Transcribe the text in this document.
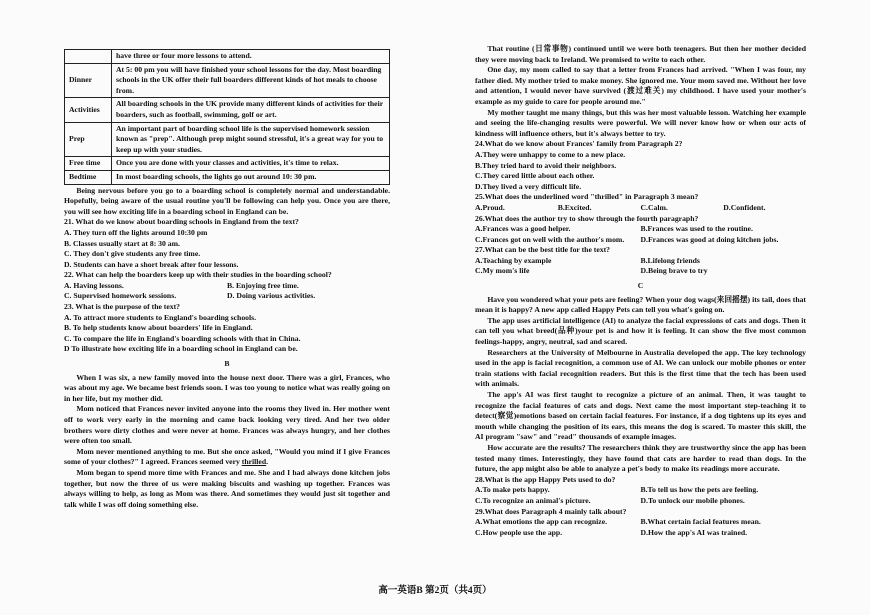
	have three or four more lessons to attend.
Dinner	At 5: 00 pm you will have finished your school lessons for the day. Most boarding schools in the UK offer their full boarders different kinds of hot meals to choose from.
Activities	All boarding schools in the UK provide many different kinds of activities for their boarders, such as football, swimming, golf or art.
Prep	An important part of boarding school life is the supervised homework session known as "prep". Although prep might sound stressful, it's a great way for you to keep up with your studies.
Free time	Once you are done with your classes and activities, it's time to relax.
Bedtime	In most boarding schools, the lights go out around 10: 30 pm.

Being nervous before you go to a boarding school is completely normal and understandable. Hopefully, being aware of the usual routine you'll be following can help you. Once you are there, you will see how exciting life in a boarding school in England can be.

21. What do we know about boarding schools in England from the text?

A. They turn off the lights around 10:30 pm

B. Classes usually start at 8: 30 am.

C. They don't give students any free time.

D. Students can have a short break after four lessons.

22. What can help the boarders keep up with their studies in the boarding school?

A. Having lessons.	B. Enjoying free time.
C. Supervised homework sessions.	D. Doing various activities.

23. What is the purpose of the text?

A. To attract more students to England's boarding schools.

B. To help students know about boarders' life in England.

C. To compare the life in England's boarding schools with that in China.

D To illustrate how exciting life in a boarding school in England can be.

B

When I was six, a new family moved into the house next door. There was a girl, Frances, who was about my age. We became best friends soon. I was too young to notice what was really going on in her life, but my mother did.

Mom noticed that Frances never invited anyone into the rooms they lived in. Her mother went off to work very early in the morning and came back looking very tired. And her two older brothers wore dirty clothes and were never at home. Frances was always hungry, and her clothes were often too small.

Mom never mentioned anything to me. But she once asked, "Would you mind if I give Frances some of your clothes?" I agreed. Frances seemed very thrilled.

Mom began to spend more time with Frances and me. She and I had always done kitchen jobs together, but now the three of us were making biscuits and washing up together. Frances was always willing to help, as long as Mom was there. And sometimes they would just sit together and talk while I was off doing something else.

That routine (日常事物) continued until we were both teenagers. But then her mother decided they were moving back to Ireland. We promised to write to each other.

One day, my mom called to say that a letter from Frances had arrived. "When I was four, my father died. My mother tried to make money. She ignored me. Your mom saved me. Without her love and attention, I would never have survived (渡过难关) my childhood. I have used your mother's example as my guide to care for people around me."

My mother taught me many things, but this was her most valuable lesson. Watching her example and seeing the life-changing results were powerful. We will never know how or when our acts of kindness will influence others, but it's always better to try.

24.What do we know about Frances' family from Paragraph 2?

A.They were unhappy to come to a new place.

B.They tried hard to avoid their neighbors.

C.They cared little about each other.

D.They lived a very difficult life.

25.What does the underlined word "thrilled" in Paragraph 3 mean?

A.Proud.	B.Excited.	C.Calm.	D.Confident.

26.What does the author try to show through the fourth paragraph?

A.Frances was a good helper.	B.Frances was used to the routine.
C.Frances got on well with the author's mom.	D.Frances was good at doing kitchen jobs.

27.What can be the best title for the text?

A.Teaching by example	B.Lifelong friends
C.My mom's life	D.Being brave to try

C

Have you wondered what your pets are feeling? When your dog wags(来回摇摆) its tail, does that mean it is happy? A new app called Happy Pets can tell you what's going on.

The app uses artificial intelligence (AI) to analyze the facial expressions of cats and dogs. Then it can tell you what breed(品种)your pet is and how it is feeling. It can show the five most common feelings-happy, angry, neutral, sad and scared.

Researchers at the University of Melbourne in Australia developed the app. The key technology used in the app is facial recognition, a common use of AI. We can unlock our mobile phones or enter train stations with facial recognition readers. But this is the first time that the tech has been used with animals.

The app's AI was first taught to recognize a picture of an animal. Then, it was taught to recognize the facial features of cats and dogs. Next came the most important step-teaching it to detect(察觉)emotions based on certain facial features. For instance, if a dog tightens up its eyes and mouth while changing the position of its ears, this means the dog is scared. To master this skill, the AI program "saw" and "read" thousands of example images.

How accurate are the results? The researchers think they are trustworthy since the app has been tested many times. Interestingly, they have found that cats are harder to read than dogs. In the future, the app might also be able to analyze a pet's body to make its readings more accurate.

28.What is the app Happy Pets used to do?

A.To make pets happy.	B.To tell us how the pets are feeling.
C.To recognize an animal's picture.	D.To unlock our mobile phones.

29.What does Paragraph 4 mainly talk about?

A.What emotions the app can recognize.	B.What certain facial features mean.
C.How people use the app.	D.How the app's AI was trained.
高一英语B 第2页（共4页）
